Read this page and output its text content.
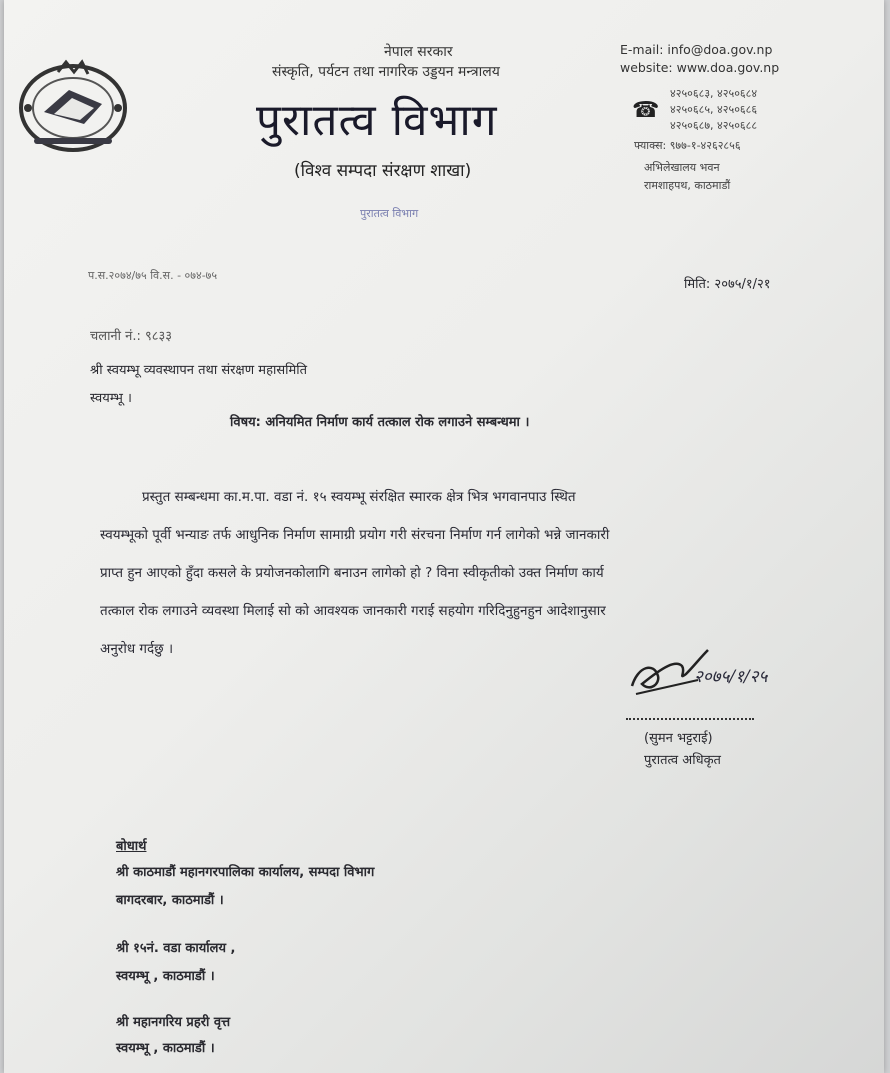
नेपाल सरकार
संस्कृति, पर्यटन तथा नागरिक उड्डयन मन्त्रालय
पुरातत्व विभाग
(विश्व सम्पदा संरक्षण शाखा)
पुरातत्व विभाग
E-mail: info@doa.gov.np
website: www.doa.gov.np
☎
४२५०६८३, ४२५०६८४
४२५०६८५, ४२५०६८६
४२५०६८७, ४२५०६८८
फ्याक्स: ९७७-१-४२६२८५६
अभिलेखालय भवन
रामशाहपथ, काठमाडौं
प.स.२०७४/७५ वि.स. - ०७४-७५
मिति: २०७५/१/२१
चलानी नं.: ९८३३
श्री स्वयम्भू व्यवस्थापन तथा संरक्षण महासमिति
स्वयम्भू ।
विषय: अनियमित निर्माण कार्य तत्काल रोक लगाउने सम्बन्धमा ।
प्रस्तुत सम्बन्धमा का.म.पा. वडा नं. १५ स्वयम्भू संरक्षित स्मारक क्षेत्र भित्र भगवानपाउ स्थित
स्वयम्भूको पूर्वी भन्याङ तर्फ आधुनिक निर्माण सामाग्री प्रयोग गरी संरचना निर्माण गर्न लागेको भन्ने जानकारी
प्राप्त हुन आएको हुँदा कसले के प्रयोजनकोलागि बनाउन लागेको हो ? विना स्वीकृतीको उक्त निर्माण कार्य
तत्काल रोक लगाउने व्यवस्था मिलाई सो को आवश्यक जानकारी गराई सहयोग गरिदिनुहुनहुन आदेशानुसार
अनुरोध गर्दछु ।
२०७५/१/२५
(सुमन भट्टराई)
पुरातत्व अधिकृत
बोधार्थ
श्री काठमाडौं महानगरपालिका कार्यालय, सम्पदा विभाग
बागदरबार, काठमाडौं ।
श्री १५नं. वडा कार्यालय ,
स्वयम्भू , काठमाडौं ।
श्री महानगरिय प्रहरी वृत्त
स्वयम्भू , काठमाडौं ।
